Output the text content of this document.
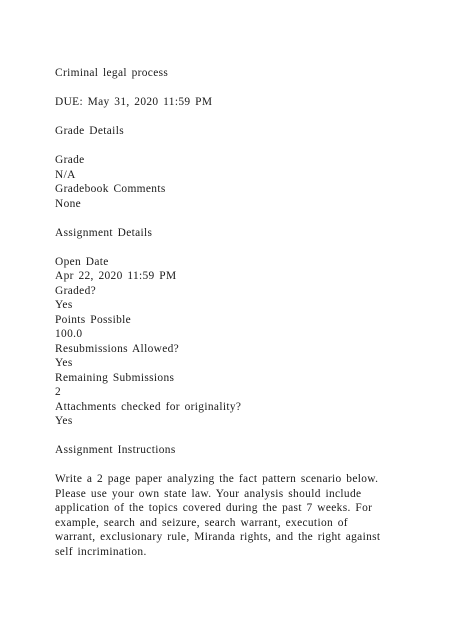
Criminal legal process
DUE: May 31, 2020 11:59 PM
Grade Details
Grade
N/A
Gradebook Comments
None
Assignment Details
Open Date
Apr 22, 2020 11:59 PM
Graded?
Yes
Points Possible
100.0
Resubmissions Allowed?
Yes
Remaining Submissions
2
Attachments checked for originality?
Yes
Assignment Instructions
Write a 2 page paper analyzing the fact pattern scenario below.
Please use your own state law. Your analysis should include
application of the topics covered during the past 7 weeks. For
example, search and seizure, search warrant, execution of
warrant, exclusionary rule, Miranda rights, and the right against
self incrimination.
